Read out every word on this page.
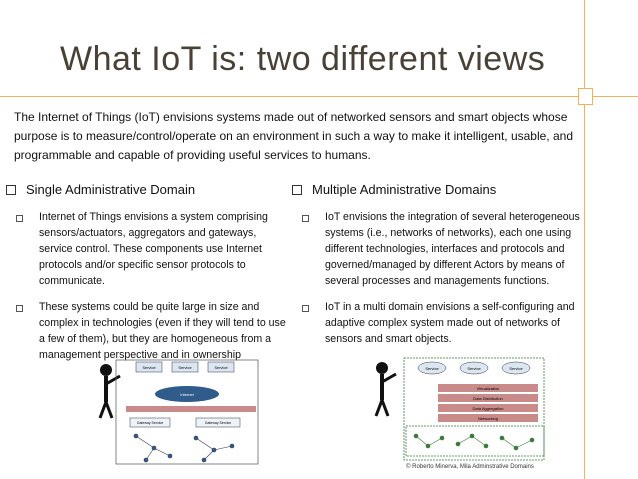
What IoT is: two different views
The Internet of Things (IoT) envisions systems made out of networked sensors and smart objects whose purpose is to measure/control/operate on an environment in such a way to make it intelligent, usable, and programmable and capable of providing useful services to humans.
Single Administrative Domain
Internet of Things envisions a system comprising sensors/actuators, aggregators and gateways, service control. These components use Internet protocols and/or specific sensor protocols to communicate.
These systems could be quite large in size and complex in technologies (even if they will tend to use a few of them), but they are homogeneous from a management perspective and in ownership
Multiple Administrative Domains
IoT envisions the integration of several heterogeneous systems (i.e., networks of networks), each one using different technologies, interfaces and protocols and governed/managed by different Actors by means of several processes and managements functions.
IoT in a multi domain envisions a self-configuring and adaptive complex system made out of networks of sensors and smart objects.
Service	Service	Service
Internet
Gateway Service	Gateway Service
Service	Service	Service
Virtualization
Data Distribution
Data Aggregation
Networking
© Roberto Minerva, Mila Adminstrative Domains
